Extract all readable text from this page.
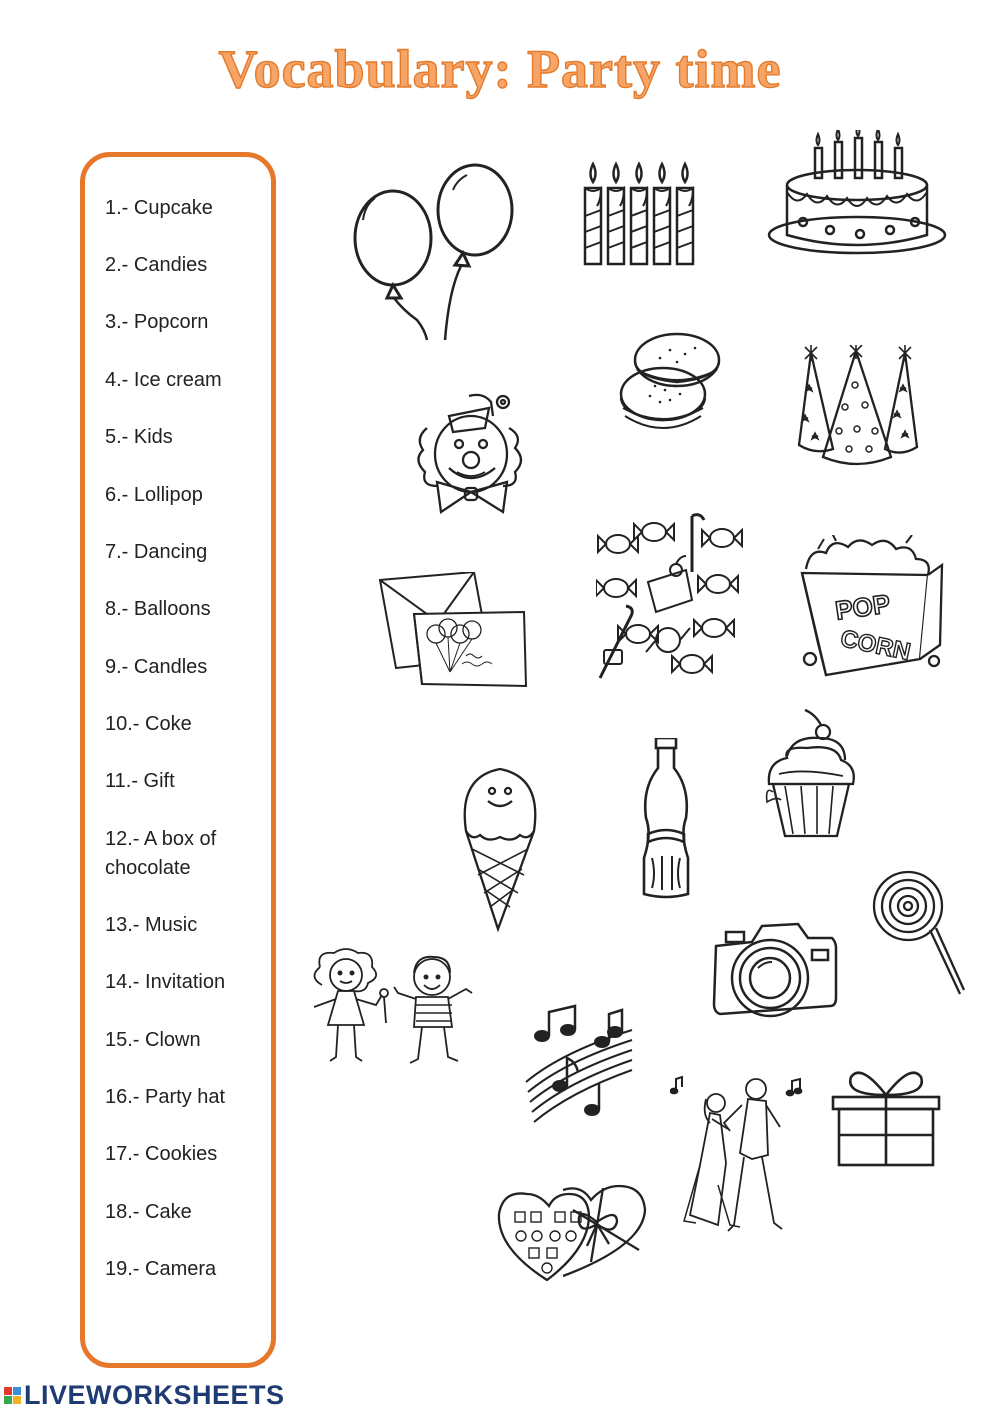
Vocabulary: Party time
1.- Cupcake
2.- Candies
3.- Popcorn
4.- Ice cream
5.- Kids
6.- Lollipop
7.- Dancing
8.- Balloons
9.- Candles
10.- Coke
11.- Gift
12.- A box of chocolate
13.- Music
14.- Invitation
15.- Clown
16.- Party hat
17.- Cookies
18.- Cake
19.- Camera
POP
CORN
LIVEWORKSHEETS
